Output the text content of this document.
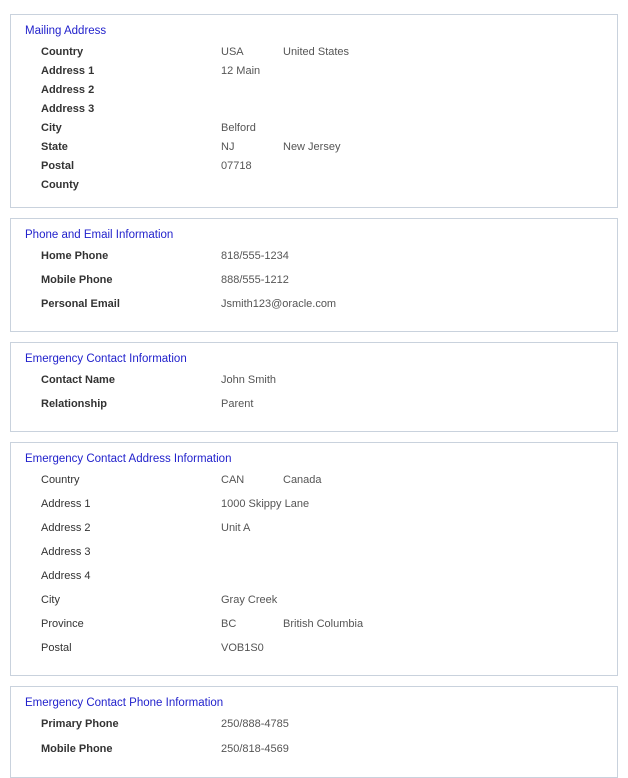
Mailing Address
Country	USA	United States
Address 1	12 Main
Address 2
Address 3
City	Belford
State	NJ	New Jersey
Postal	07718
County
Phone and Email Information
Home Phone	818/555-1234
Mobile Phone	888/555-1212
Personal Email	Jsmith123@oracle.com
Emergency Contact Information
Contact Name	John Smith
Relationship	Parent
Emergency Contact Address Information
Country	CAN	Canada
Address 1	1000 Skippy Lane
Address 2	Unit A
Address 3
Address 4
City	Gray Creek
Province	BC	British Columbia
Postal	VOB1S0
Emergency Contact Phone Information
Primary Phone	250/888-4785
Mobile Phone	250/818-4569
